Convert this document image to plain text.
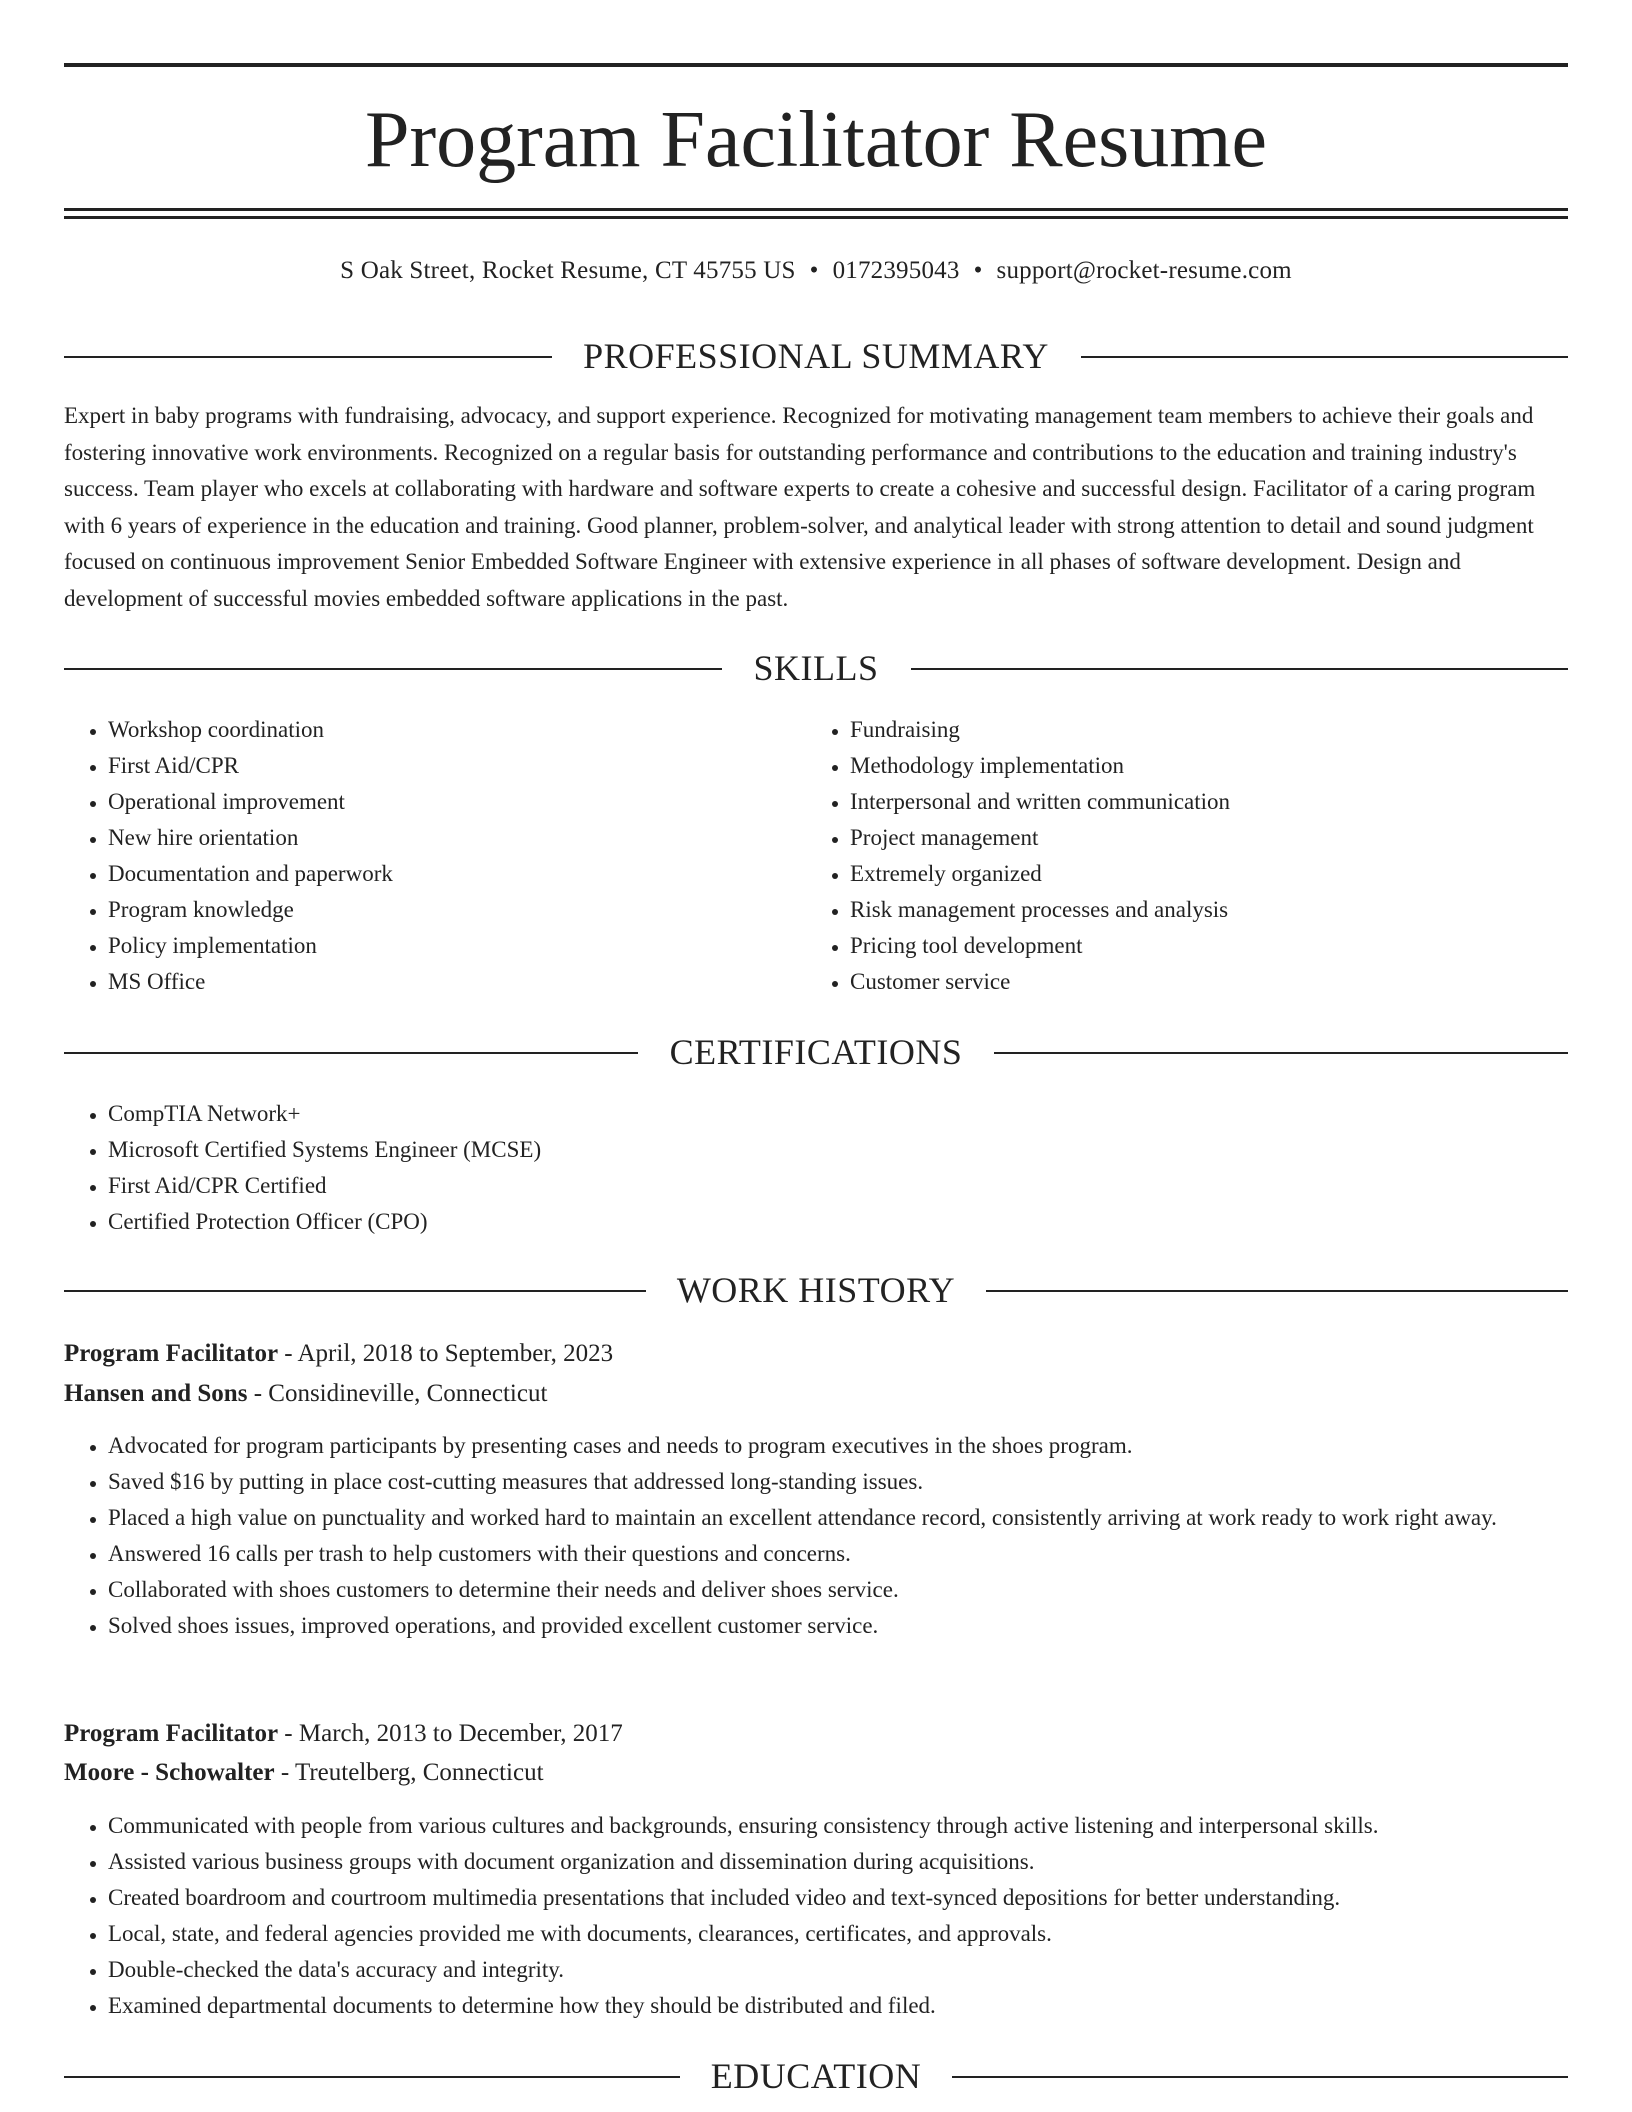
Program Facilitator Resume
S Oak Street, Rocket Resume, CT 45755 US • 0172395043 • support@rocket-resume.com
PROFESSIONAL SUMMARY

Expert in baby programs with fundraising, advocacy, and support experience. Recognized for motivating management team members to achieve their goals and fostering innovative work environments. Recognized on a regular basis for outstanding performance and contributions to the education and training industry's success. Team player who excels at collaborating with hardware and software experts to create a cohesive and successful design. Facilitator of a caring program with 6 years of experience in the education and training. Good planner, problem-solver, and analytical leader with strong attention to detail and sound judgment focused on continuous improvement Senior Embedded Software Engineer with extensive experience in all phases of software development. Design and development of successful movies embedded software applications in the past.

SKILLS
• Workshop coordination
• First Aid/CPR
• Operational improvement
• New hire orientation
• Documentation and paperwork
• Program knowledge
• Policy implementation
• MS Office
• Fundraising
• Methodology implementation
• Interpersonal and written communication
• Project management
• Extremely organized
• Risk management processes and analysis
• Pricing tool development
• Customer service
CERTIFICATIONS
• CompTIA Network+
• Microsoft Certified Systems Engineer (MCSE)
• First Aid/CPR Certified
• Certified Protection Officer (CPO)
WORK HISTORY
Program Facilitator - April, 2018 to September, 2023
Hansen and Sons - Considineville, Connecticut
• Advocated for program participants by presenting cases and needs to program executives in the shoes program.
• Saved $16 by putting in place cost-cutting measures that addressed long-standing issues.
• Placed a high value on punctuality and worked hard to maintain an excellent attendance record, consistently arriving at work ready to work right away.
• Answered 16 calls per trash to help customers with their questions and concerns.
• Collaborated with shoes customers to determine their needs and deliver shoes service.
• Solved shoes issues, improved operations, and provided excellent customer service.
Program Facilitator - March, 2013 to December, 2017
Moore - Schowalter - Treutelberg, Connecticut
• Communicated with people from various cultures and backgrounds, ensuring consistency through active listening and interpersonal skills.
• Assisted various business groups with document organization and dissemination during acquisitions.
• Created boardroom and courtroom multimedia presentations that included video and text-synced depositions for better understanding.
• Local, state, and federal agencies provided me with documents, clearances, certificates, and approvals.
• Double-checked the data's accuracy and integrity.
• Examined departmental documents to determine how they should be distributed and filed.
EDUCATION
